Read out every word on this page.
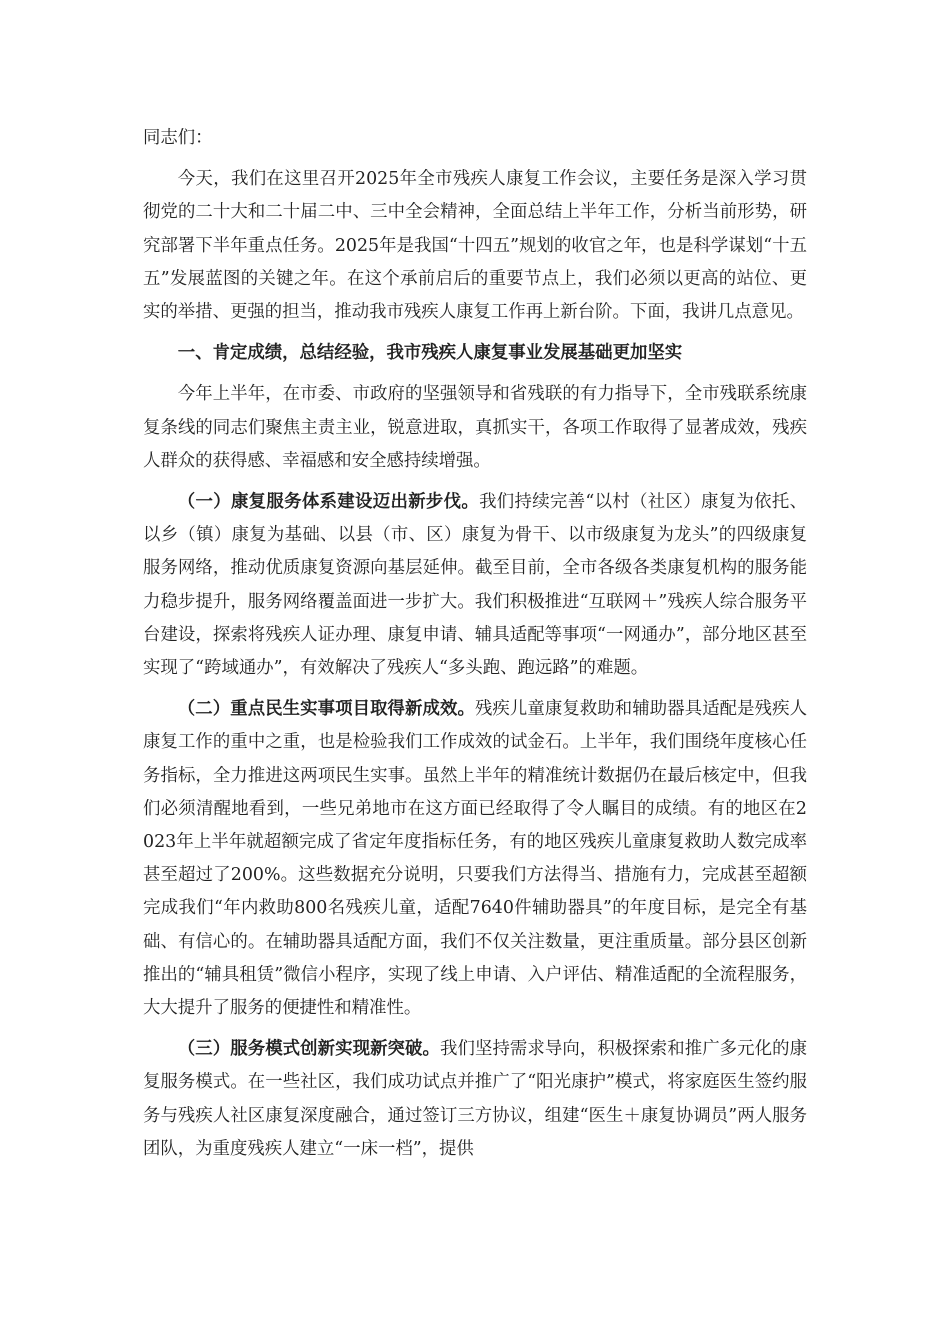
同志们：

今天，我们在这里召开2025年全市残疾人康复工作会议，主要任务是深入学习贯彻党的二十大和二十届二中、三中全会精神，全面总结上半年工作，分析当前形势，研究部署下半年重点任务。2025年是我国“十四五”规划的收官之年，也是科学谋划“十五五”发展蓝图的关键之年。在这个承前启后的重要节点上，我们必须以更高的站位、更实的举措、更强的担当，推动我市残疾人康复工作再上新台阶。下面，我讲几点意见。

一、肯定成绩，总结经验，我市残疾人康复事业发展基础更加坚实

今年上半年，在市委、市政府的坚强领导和省残联的有力指导下，全市残联系统康复条线的同志们聚焦主责主业，锐意进取，真抓实干，各项工作取得了显著成效，残疾人群众的获得感、幸福感和安全感持续增强。

（一）康复服务体系建设迈出新步伐。我们持续完善“以村（社区）康复为依托、以乡（镇）康复为基础、以县（市、区）康复为骨干、以市级康复为龙头”的四级康复服务网络，推动优质康复资源向基层延伸。截至目前，全市各级各类康复机构的服务能力稳步提升，服务网络覆盖面进一步扩大。我们积极推进“互联网＋”残疾人综合服务平台建设，探索将残疾人证办理、康复申请、辅具适配等事项“一网通办”，部分地区甚至实现了“跨域通办”，有效解决了残疾人“多头跑、跑远路”的难题。

（二）重点民生实事项目取得新成效。残疾儿童康复救助和辅助器具适配是残疾人康复工作的重中之重，也是检验我们工作成效的试金石。上半年，我们围绕年度核心任务指标，全力推进这两项民生实事。虽然上半年的精准统计数据仍在最后核定中，但我们必须清醒地看到，一些兄弟地市在这方面已经取得了令人瞩目的成绩。有的地区在2023年上半年就超额完成了省定年度指标任务，有的地区残疾儿童康复救助人数完成率甚至超过了200%。这些数据充分说明，只要我们方法得当、措施有力，完成甚至超额完成我们“年内救助800名残疾儿童，适配7640件辅助器具”的年度目标，是完全有基础、有信心的。在辅助器具适配方面，我们不仅关注数量，更注重质量。部分县区创新推出的“辅具租赁”微信小程序，实现了线上申请、入户评估、精准适配的全流程服务，大大提升了服务的便捷性和精准性。

（三）服务模式创新实现新突破。我们坚持需求导向，积极探索和推广多元化的康复服务模式。在一些社区，我们成功试点并推广了“阳光康护”模式，将家庭医生签约服务与残疾人社区康复深度融合，通过签订三方协议，组建“医生＋康复协调员”两人服务团队，为重度残疾人建立“一床一档”，提供
